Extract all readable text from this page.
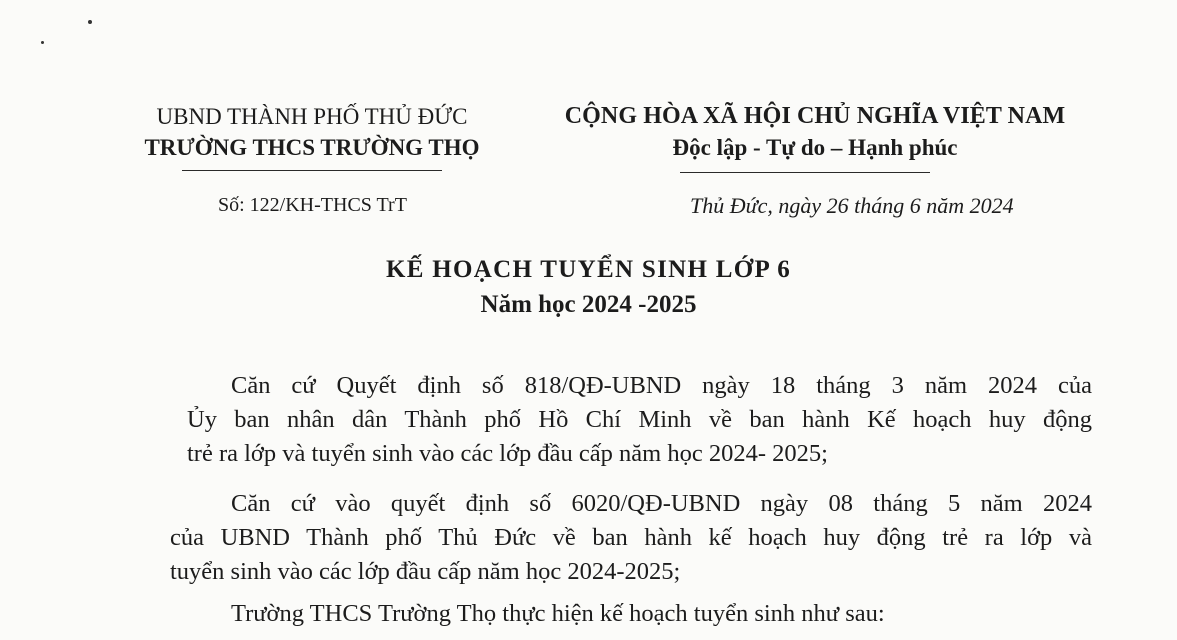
UBND THÀNH PHỐ THỦ ĐỨC
TRƯỜNG THCS TRƯỜNG THỌ
CỘNG HÒA XÃ HỘI CHỦ NGHĨA VIỆT NAM
Độc lập - Tự do – Hạnh phúc
Số: 122/KH-THCS TrT	Thủ Đức, ngày 26 tháng 6 năm 2024
KẾ HOẠCH TUYỂN SINH LỚP 6
Năm học 2024 -2025
Căn cứ Quyết định số 818/QĐ-UBND ngày 18 tháng 3 năm 2024 của
Ủy ban nhân dân Thành phố Hồ Chí Minh về ban hành Kế hoạch huy động
trẻ ra lớp và tuyển sinh vào các lớp đầu cấp năm học 2024- 2025;
Căn cứ vào quyết định số 6020/QĐ-UBND ngày 08 tháng 5 năm 2024
của UBND Thành phố Thủ Đức về ban hành kế hoạch huy động trẻ ra lớp và
tuyển sinh vào các lớp đầu cấp năm học 2024-2025;
Trường THCS Trường Thọ thực hiện kế hoạch tuyển sinh như sau:
